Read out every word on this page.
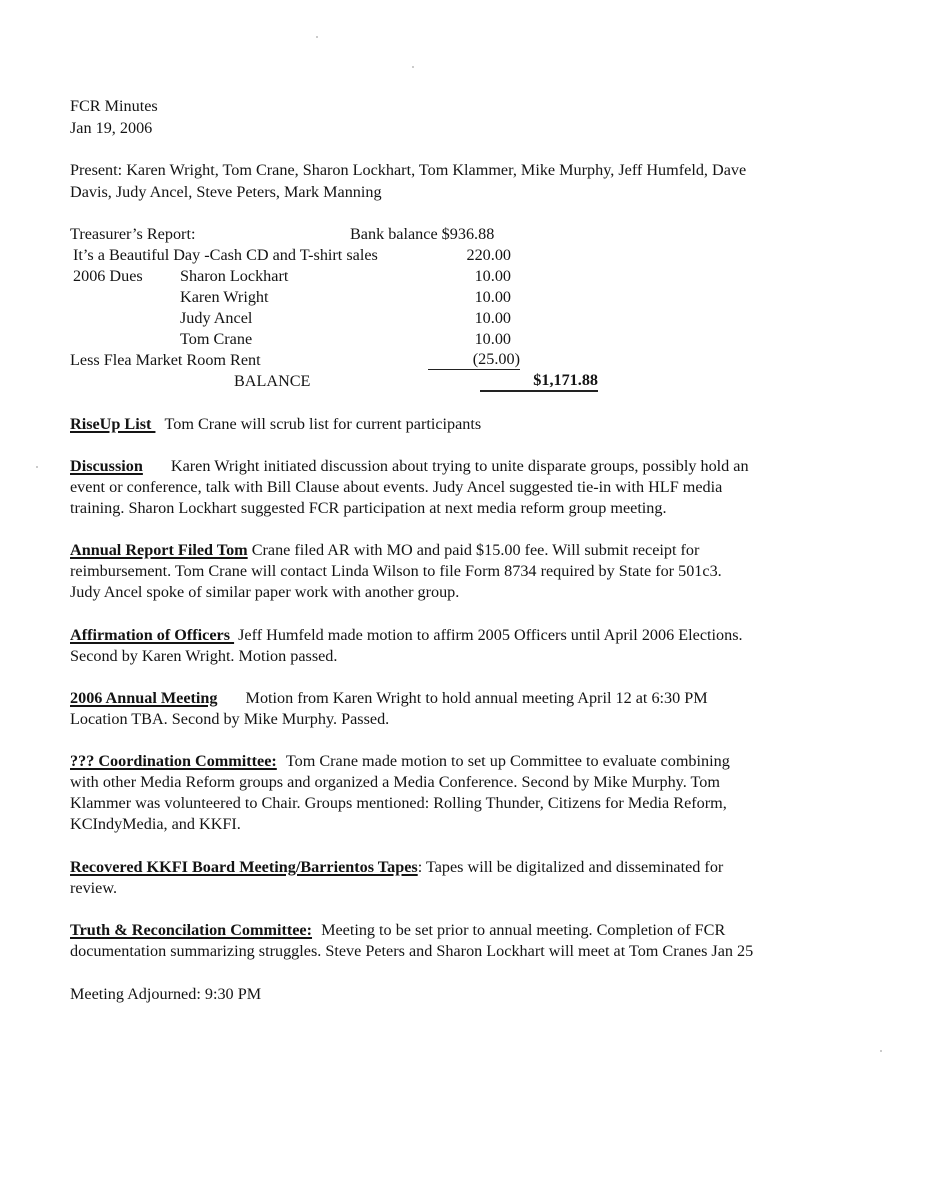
FCR Minutes
Jan 19, 2006
Present: Karen Wright, Tom Crane, Sharon Lockhart, Tom Klammer, Mike Murphy, Jeff Humfeld, Dave
Davis, Judy Ancel, Steve Peters, Mark Manning
Treasurer’s Report:	Bank balance $936.88
It’s a Beautiful Day -Cash CD and T-shirt sales	220.00
2006 Dues Sharon Lockhart	10.00
Karen Wright	10.00
Judy Ancel	10.00
Tom Crane	10.00
Less Flea Market Room Rent	(25.00)
BALANCE	$1,171.88
RiseUp List  Tom Crane will scrub list for current participants
Discussion Karen Wright initiated discussion about trying to unite disparate groups, possibly hold an
event or conference, talk with Bill Clause about events. Judy Ancel suggested tie-in with HLF media
training. Sharon Lockhart suggested FCR participation at next media reform group meeting.
Annual Report Filed Tom Crane filed AR with MO and paid $15.00 fee. Will submit receipt for
reimbursement. Tom Crane will contact Linda Wilson to file Form 8734 required by State for 501c3.
Judy Ancel spoke of similar paper work with another group.
Affirmation of Officers  Jeff Humfeld made motion to affirm 2005 Officers until April 2006 Elections.
Second by Karen Wright. Motion passed.
2006 Annual Meeting Motion from Karen Wright to hold annual meeting April 12 at 6:30 PM
Location TBA. Second by Mike Murphy. Passed.
??? Coordination Committee: Tom Crane made motion to set up Committee to evaluate combining
with other Media Reform groups and organized a Media Conference. Second by Mike Murphy. Tom
Klammer was volunteered to Chair. Groups mentioned: Rolling Thunder, Citizens for Media Reform,
KCIndyMedia, and KKFI.
Recovered KKFI Board Meeting/Barrientos Tapes: Tapes will be digitalized and disseminated for
review.
Truth & Reconcilation Committee: Meeting to be set prior to annual meeting. Completion of FCR
documentation summarizing struggles. Steve Peters and Sharon Lockhart will meet at Tom Cranes Jan 25
Meeting Adjourned: 9:30 PM
